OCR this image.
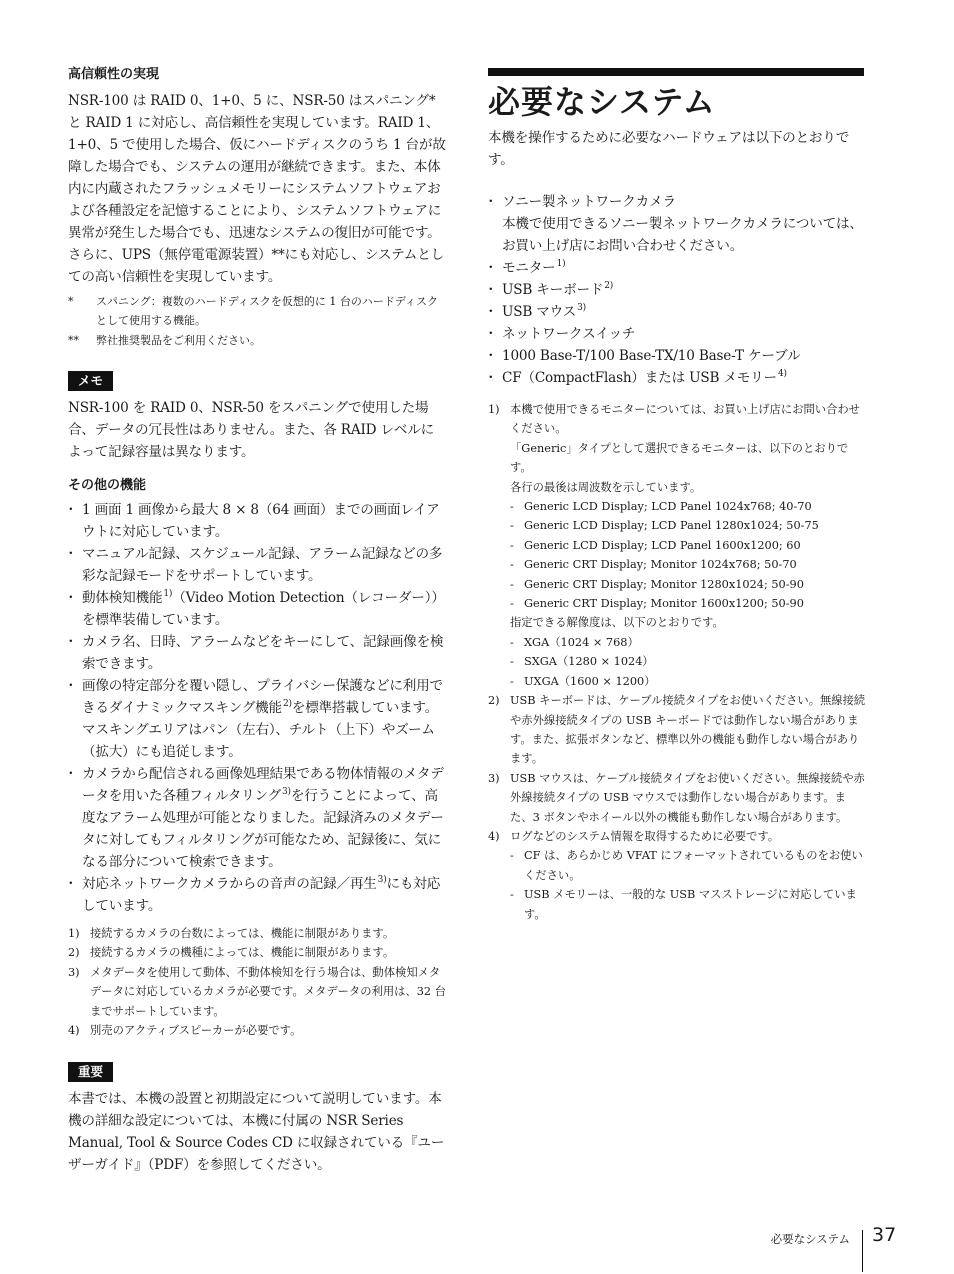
高信頼性の実現

NSR-100 は RAID 0、1+0、5 に、NSR-50 はスパニング* と RAID 1 に対応し、高信頼性を実現しています。RAID 1、1+0、5 で使用した場合、仮にハードディスクのうち 1 台が故障した場合でも、システムの運用が継続できます。また、本体内に内蔵されたフラッシュメモリーにシステムソフトウェアおよび各種設定を記憶することにより、システムソフトウェアに異常が発生した場合でも、迅速なシステムの復旧が可能です。さらに、UPS（無停電電源装置）**にも対応し、システムとしての高い信頼性を実現しています。

* スパニング：複数のハードディスクを仮想的に 1 台のハードディスクとして使用する機能。
** 弊社推奨製品をご利用ください。
メモ

NSR-100 を RAID 0、NSR-50 をスパニングで使用した場合、データの冗長性はありません。また、各 RAID レベルによって記録容量は異なります。

その他の機能
・ 1 画面 1 画像から最大 8 × 8（64 画面）までの画面レイアウトに対応しています。
・ マニュアル記録、スケジュール記録、アラーム記録などの多彩な記録モードをサポートしています。
・ 動体検知機能$^{1)}$（Video Motion Detection（レコーダー））を標準装備しています。
・ カメラ名、日時、アラームなどをキーにして、記録画像を検索できます。
・ 画像の特定部分を覆い隠し、プライバシー保護などに利用できるダイナミックマスキング機能$^{2)}$を標準搭載しています。マスキングエリアはパン（左右）、チルト（上下）やズーム（拡大）にも追従します。
・ カメラから配信される画像処理結果である物体情報のメタデータを用いた各種フィルタリング$^{3)}$を行うことによって、高度なアラーム処理が可能となりました。記録済みのメタデータに対してもフィルタリングが可能なため、記録後に、気になる部分について検索できます。
・ 対応ネットワークカメラからの音声の記録／再生$^{3)}$にも対応しています。
1) 接続するカメラの台数によっては、機能に制限があります。
2) 接続するカメラの機種によっては、機能に制限があります。
3) メタデータを使用して動体、不動体検知を行う場合は、動体検知メタデータに対応しているカメラが必要です。メタデータの利用は、32 台までサポートしています。
4) 別売のアクティブスピーカーが必要です。
重要

本書では、本機の設置と初期設定について説明しています。本機の詳細な設定については、本機に付属の NSR Series Manual, Tool & Source Codes CD に収録されている『ユーザーガイド』（PDF）を参照してください。

必要なシステム

本機を操作するために必要なハードウェアは以下のとおりです。

・ ソニー製ネットワークカメラ
本機で使用できるソニー製ネットワークカメラについては、お買い上げ店にお問い合わせください。
・ モニター$^{1)}$
・ USB キーボード$^{2)}$
・ USB マウス$^{3)}$
・ ネットワークスイッチ
・ 1000 Base-T/100 Base-TX/10 Base-T ケーブル
・ CF（CompactFlash）または USB メモリー$^{4)}$
1) 本機で使用できるモニターについては、お買い上げ店にお問い合わせください。
「Generic」タイプとして選択できるモニターは、以下のとおりです。
各行の最後は周波数を示しています。
- Generic LCD Display; LCD Panel 1024x768; 40-70
- Generic LCD Display; LCD Panel 1280x1024; 50-75
- Generic LCD Display; LCD Panel 1600x1200; 60
- Generic CRT Display; Monitor 1024x768; 50-70
- Generic CRT Display; Monitor 1280x1024; 50-90
- Generic CRT Display; Monitor 1600x1200; 50-90
指定できる解像度は、以下のとおりです。
- XGA（1024 × 768）
- SXGA（1280 × 1024）
- UXGA（1600 × 1200）
2) USB キーボードは、ケーブル接続タイプをお使いください。無線接続や赤外線接続タイプの USB キーボードでは動作しない場合があります。また、拡張ボタンなど、標準以外の機能も動作しない場合があります。
3) USB マウスは、ケーブル接続タイプをお使いください。無線接続や赤外線接続タイプの USB マウスでは動作しない場合があります。また、3 ボタンやホイール以外の機能も動作しない場合があります。
4) ログなどのシステム情報を取得するために必要です。
- CF は、あらかじめ VFAT にフォーマットされているものをお使いください。
- USB メモリーは、一般的な USB マスストレージに対応しています。
必要なシステム 37
